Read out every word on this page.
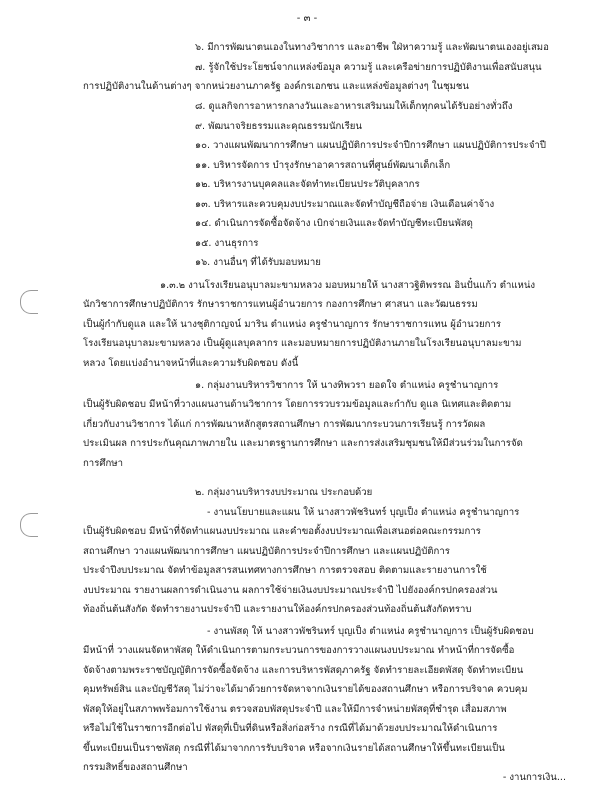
- ๓ -
๖. มีการพัฒนาตนเองในทางวิชาการ และอาชีพ ใฝ่หาความรู้ และพัฒนาตนเองอยู่เสมอ
๗. รู้จักใช้ประโยชน์จากแหล่งข้อมูล ความรู้ และเครือข่ายการปฏิบัติงานเพื่อสนับสนุน
การปฏิบัติงานในด้านต่างๆ จากหน่วยงานภาครัฐ องค์กรเอกชน และแหล่งข้อมูลต่างๆ ในชุมชน
๘. ดูแลกิจการอาหารกลางวันและอาหารเสริมนมให้เด็กทุกคนได้รับอย่างทั่วถึง
๙. พัฒนาจริยธรรมและคุณธรรมนักเรียน
๑๐. วางแผนพัฒนาการศึกษา แผนปฏิบัติการประจำปีการศึกษา แผนปฏิบัติการประจำปี
๑๑. บริหารจัดการ บำรุงรักษาอาคารสถานที่ศูนย์พัฒนาเด็กเล็ก
๑๒. บริหารงานบุคคลและจัดทำทะเบียนประวัติบุคลากร
๑๓. บริหารและควบคุมงบประมาณและจัดทำบัญชีถือจ่าย เงินเดือนค่าจ้าง
๑๔. ดำเนินการจัดซื้อจัดจ้าง เบิกจ่ายเงินและจัดทำบัญชีทะเบียนพัสดุ
๑๕. งานธุรการ
๑๖. งานอื่นๆ ที่ได้รับมอบหมาย
๑.๓.๒ งานโรงเรียนอนุบาลมะขามหลวง มอบหมายให้ นางสาวฐิติพรรณ อินปั๋นแก้ว ตำแหน่ง
นักวิชาการศึกษาปฏิบัติการ รักษาราชการแทนผู้อำนวยการ กองการศึกษา ศาสนา และวัฒนธรรม
เป็นผู้กำกับดูแล และให้ นางชุติกาญจน์ มาริน ตำแหน่ง ครูชำนาญการ รักษาราชการแทน ผู้อำนวยการ
โรงเรียนอนุบาลมะขามหลวง เป็นผู้ดูแลบุคลากร และมอบหมายการปฏิบัติงานภายในโรงเรียนอนุบาลมะขาม
หลวง โดยแบ่งอำนาจหน้าที่และความรับผิดชอบ ดังนี้
๑. กลุ่มงานบริหารวิชาการ ให้ นางทิพวรา ยอดใจ ตำแหน่ง ครูชำนาญการ
เป็นผู้รับผิดชอบ มีหน้าที่วางแผนงานด้านวิชาการ โดยการรวบรวมข้อมูลและกำกับ ดูแล นิเทศและติดตาม
เกี่ยวกับงานวิชาการ ได้แก่ การพัฒนาหลักสูตรสถานศึกษา การพัฒนากระบวนการเรียนรู้ การวัดผล
ประเมินผล การประกันคุณภาพภายใน และมาตรฐานการศึกษา และการส่งเสริมชุมชนให้มีส่วนร่วมในการจัด
การศึกษา
๒. กลุ่มงานบริหารงบประมาณ ประกอบด้วย
- งานนโยบายและแผน ให้ นางสาวพัชรินทร์ บุญเป็ง ตำแหน่ง ครูชำนาญการ
เป็นผู้รับผิดชอบ มีหน้าที่จัดทำแผนงบประมาณ และคำขอตั้งงบประมาณเพื่อเสนอต่อคณะกรรมการ
สถานศึกษา วางแผนพัฒนาการศึกษา แผนปฏิบัติการประจำปีการศึกษา และแผนปฏิบัติการ
ประจำปีงบประมาณ จัดทำข้อมูลสารสนเทศทางการศึกษา การตรวจสอบ ติดตามและรายงานการใช้
งบประมาณ รายงานผลการดำเนินงาน ผลการใช้จ่ายเงินงบประมาณประจำปี ไปยังองค์กรปกครองส่วน
ท้องถิ่นต้นสังกัด จัดทำรายงานประจำปี และรายงานให้องค์กรปกครองส่วนท้องถิ่นต้นสังกัดทราบ
- งานพัสดุ ให้ นางสาวพัชรินทร์ บุญเป็ง ตำแหน่ง ครูชำนาญการ เป็นผู้รับผิดชอบ
มีหน้าที่ วางแผนจัดหาพัสดุ ให้ดำเนินการตามกระบวนการของการวางแผนงบประมาณ ทำหน้าที่การจัดซื้อ
จัดจ้างตามพระราชบัญญัติการจัดซื้อจัดจ้าง และการบริหารพัสดุภาครัฐ จัดทำรายละเอียดพัสดุ จัดทำทะเบียน
คุมทรัพย์สิน และบัญชีวัสดุ ไม่ว่าจะได้มาด้วยการจัดหาจากเงินรายได้ของสถานศึกษา หรือการบริจาค ควบคุม
พัสดุให้อยู่ในสภาพพร้อมการใช้งาน ตรวจสอบพัสดุประจำปี และให้มีการจำหน่ายพัสดุที่ชำรุด เสื่อมสภาพ
หรือไม่ใช้ในราชการอีกต่อไป พัสดุที่เป็นที่ดินหรือสิ่งก่อสร้าง กรณีที่ได้มาด้วยงบประมาณให้ดำเนินการ
ขึ้นทะเบียนเป็นราชพัสดุ กรณีที่ได้มาจากการรับบริจาค หรือจากเงินรายได้สถานศึกษาให้ขึ้นทะเบียนเป็น
กรรมสิทธิ์ของสถานศึกษา
- งานการเงิน...
